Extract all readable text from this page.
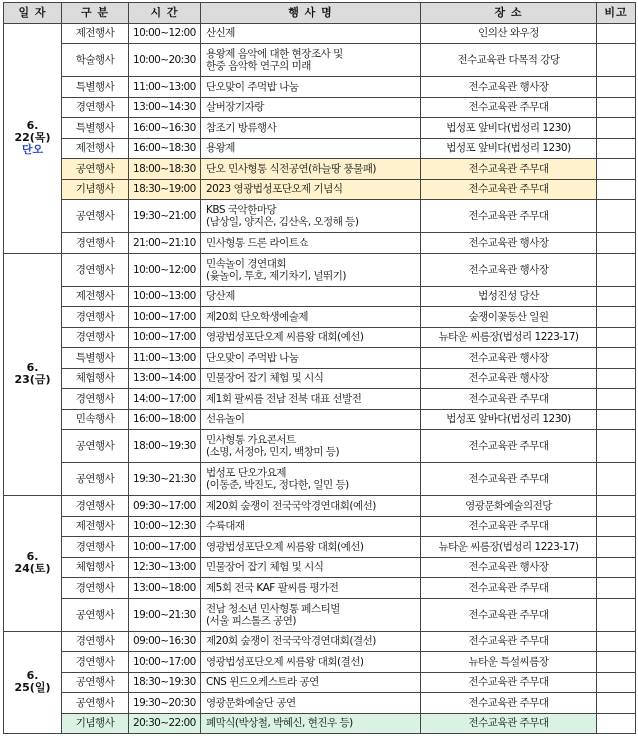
일 자	구 분	시 간	행 사 명	장 소	비고

6. 22(목)
단오	제전행사	10:00~12:00	산신제	인의산 와우정	
	학술행사	10:00~20:30	용왕제 음악에 대한 현장조사 및
한중 음악학 연구의 미래	전수교육관 다목적 강당	
	특별행사	11:00~13:00	단오맞이 주먹밥 나눔	전수교육관 행사장	
	경연행사	13:00~14:30	살버장기자랑	전수교육관 주무대	
	특별행사	16:00~16:30	참조기 방류행사	법성포 앞비다(법성리 1230)	
	제전행사	16:00~18:30	용왕제	법성포 앞비다(법성리 1230)	
	공연행사	18:00~18:30	단오 민사형통 식전공연(하늘땅 풍물패)	전수교육관 주무대	
	기념행사	18:30~19:00	2023 영광법성포단오제 기념식	전수교육관 주무대	
	공연행사	19:30~21:00	KBS 국악한마당
(남상일, 양지은, 김산옥, 오정해 등)	전수교육관 주무대	
	경연행사	21:00~21:10	민사형통 드론 라이트쇼	전수교육관 행사장	

6. 23(금)	경연행사	10:00~12:00	민속놀이 경연대회
(윷놀이, 투호, 제기차기, 널뛰기)	전수교육관 행사장	
	제전행사	10:00~13:00	당산제	법성진성 당산	
	경연행사	10:00~17:00	제20회 단오학생예술제	숲쟁이꽃동산 일원	
	경연행사	10:00~17:00	영광법성포단오제 씨름왕 대회(예선)	뉴타운 씨름장(법성리 1223-17)	
	특별행사	11:00~13:00	단오맞이 주먹밥 나눔	전수교육관 행사장	
	체험행사	13:00~14:00	민물장어 잡기 체험 및 시식	전수교육관 행사장	
	경연행사	14:00~17:00	제1회 팔씨름 전남 전북 대표 선발전	전수교육관 주무대	
	민속행사	16:00~18:00	선유놀이	법성포 앞바다(법성리 1230)	
	공연행사	18:00~19:30	민사형통 가요콘서트
(소명, 서정아, 민지, 백창미 등)	전수교육관 주무대	
	공연행사	19:30~21:30	법성포 단오가요제
(이동준, 박진도, 정다한, 일민 등)	전수교육관 주무대	

6. 24(토)	경연행사	09:30~17:00	제20회 숲쟁이 전국국악경연대회(예선)	영광문화예술의전당	
	제전행사	10:00~12:30	수륙대재	전수교육관 주무대	
	경연행사	10:00~17:00	영광법성포단오제 씨름왕 대회(예선)	뉴타운 씨름장(법성리 1223-17)	
	체험행사	12:30~13:00	민물장어 잡기 체험 및 시식	전수교육관 행사장	
	경연행사	13:00~18:00	제5회 전국 KAF 팔씨름 평가전	전수교육관 주무대	
	공연행사	19:00~21:30	전남 청소년 민사형통 페스티벌
(서울 피스톨즈 공연)	전수교육관 주무대	

6. 25(일)	경연행사	09:00~16:30	제20회 숲쟁이 전국국악경연대회(결선)	전수교육관 주무대	
	경연행사	10:00~17:00	영광법성포단오제 씨름왕 대회(결선)	뉴타운 특설씨름장	
	공연행사	18:30~19:30	CNS 윈드오케스트라 공연	전수교육관 주무대	
	공연행사	19:30~20:30	영광문화예술단 공연	전수교육관 주무대	
	기념행사	20:30~22:00	폐막식(박상철, 박혜신, 현진우 등)	전수교육관 주무대	
